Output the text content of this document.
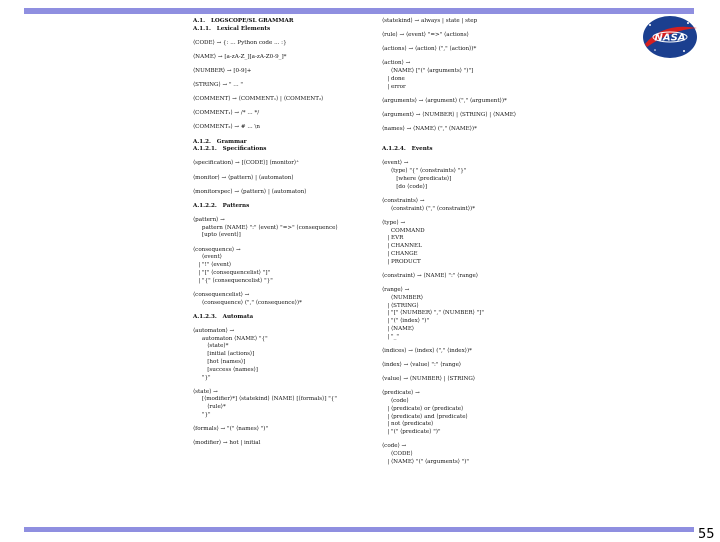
NASA
A.1.   LOGSCOPE/SL GRAMMAR
A.1.1.   Lexical Elements
⟨CODE⟩ → {: ... Python code ... :}
⟨NAME⟩ → [a-zA-Z_][a-zA-Z0-9_]*
⟨NUMBER⟩ → [0-9]+
⟨STRING⟩ → " ... "
⟨COMMENT⟩ → ⟨COMMENT₁⟩ | ⟨COMMENT₂⟩
⟨COMMENT₁⟩ → /* ... */
⟨COMMENT₂⟩ → # ... \n
A.1.2.   Grammar
A.1.2.1.   Specifications
⟨specification⟩ → [⟨CODE⟩] ⟨monitor⟩⁺
⟨monitor⟩ → ⟨pattern⟩ | ⟨automaton⟩
⟨monitorspec⟩ → ⟨pattern⟩ | ⟨automaton⟩
A.1.2.2.   Patterns
⟨pattern⟩ →
pattern ⟨NAME⟩ ":" ⟨event⟩ "=>" ⟨consequence⟩
[upto ⟨event⟩]
⟨consequence⟩ →
⟨event⟩
| "!" ⟨event⟩
| "[" ⟨consequencelist⟩ "]"
| "{" ⟨consequencelist⟩ "}"
⟨consequencelist⟩ →
⟨consequence⟩ ("," ⟨consequence⟩)*
A.1.2.3.   Automata
⟨automaton⟩ →
automaton ⟨NAME⟩ "{"
⟨state⟩*
[initial ⟨actions⟩]
[hot ⟨names⟩]
[success ⟨names⟩]
"}"
⟨state⟩ →
[⟨modifier⟩*] ⟨statekind⟩ ⟨NAME⟩ [⟨formals⟩] "{"
⟨rule⟩*
"}"
⟨formals⟩ → "(" ⟨names⟩ ")"
⟨modifier⟩ → hot | initial
⟨statekind⟩ → always | state | step
⟨rule⟩ → ⟨event⟩ "=>" ⟨actions⟩
⟨actions⟩ → ⟨action⟩ ("," ⟨action⟩)*
⟨action⟩ →
⟨NAME⟩ ["(" ⟨arguments⟩ ")"]
| done
| error
⟨arguments⟩ → ⟨argument⟩ ("," ⟨argument⟩)*
⟨argument⟩ → ⟨NUMBER⟩ | ⟨STRING⟩ | ⟨NAME⟩
⟨names⟩ → ⟨NAME⟩ ("," ⟨NAME⟩)*
A.1.2.4.   Events
⟨event⟩ →
⟨type⟩ "{" ⟨constraints⟩ "}"
[where ⟨predicate⟩]
[do ⟨code⟩]
⟨constraints⟩ →
⟨constraint⟩ ("," ⟨constraint⟩)*
⟨type⟩ →
COMMAND
| EVR
| CHANNEL
| CHANGE
| PRODUCT
⟨constraint⟩ → ⟨NAME⟩ ":" ⟨range⟩
⟨range⟩ →
⟨NUMBER⟩
| ⟨STRING⟩
| "[" ⟨NUMBER⟩ "," ⟨NUMBER⟩ "]"
| "(" ⟨index⟩ ")"
| ⟨NAME⟩
| "_"
⟨indices⟩ → ⟨index⟩ ("," ⟨index⟩)*
⟨index⟩ → ⟨value⟩ ":" ⟨range⟩
⟨value⟩ → ⟨NUMBER⟩ | ⟨STRING⟩
⟨predicate⟩ →
⟨code⟩
| ⟨predicate⟩ or ⟨predicate⟩
| ⟨predicate⟩ and ⟨predicate⟩
| not ⟨predicate⟩
| "(" ⟨predicate⟩ ")"
⟨code⟩ →
⟨CODE⟩
| ⟨NAME⟩ "(" ⟨arguments⟩ ")"
55
